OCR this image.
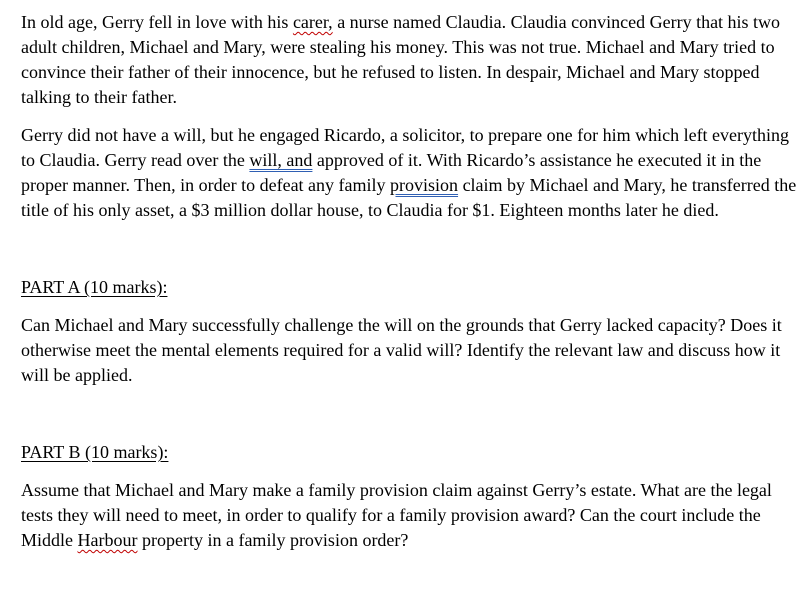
In old age, Gerry fell in love with his carer, a nurse named Claudia. Claudia convinced Gerry that his two adult children, Michael and Mary, were stealing his money. This was not true. Michael and Mary tried to convince their father of their innocence, but he refused to listen. In despair, Michael and Mary stopped talking to their father.

Gerry did not have a will, but he engaged Ricardo, a solicitor, to prepare one for him which left everything to Claudia. Gerry read over the will, and approved of it. With Ricardo’s assistance he executed it in the proper manner. Then, in order to defeat any family provision claim by Michael and Mary, he transferred the title of his only asset, a $3 million dollar house, to Claudia for $1. Eighteen months later he died.

PART A (10 marks):

Can Michael and Mary successfully challenge the will on the grounds that Gerry lacked capacity? Does it otherwise meet the mental elements required for a valid will? Identify the relevant law and discuss how it will be applied.

PART B (10 marks):

Assume that Michael and Mary make a family provision claim against Gerry’s estate. What are the legal tests they will need to meet, in order to qualify for a family provision award? Can the court include the Middle Harbour property in a family provision order?
